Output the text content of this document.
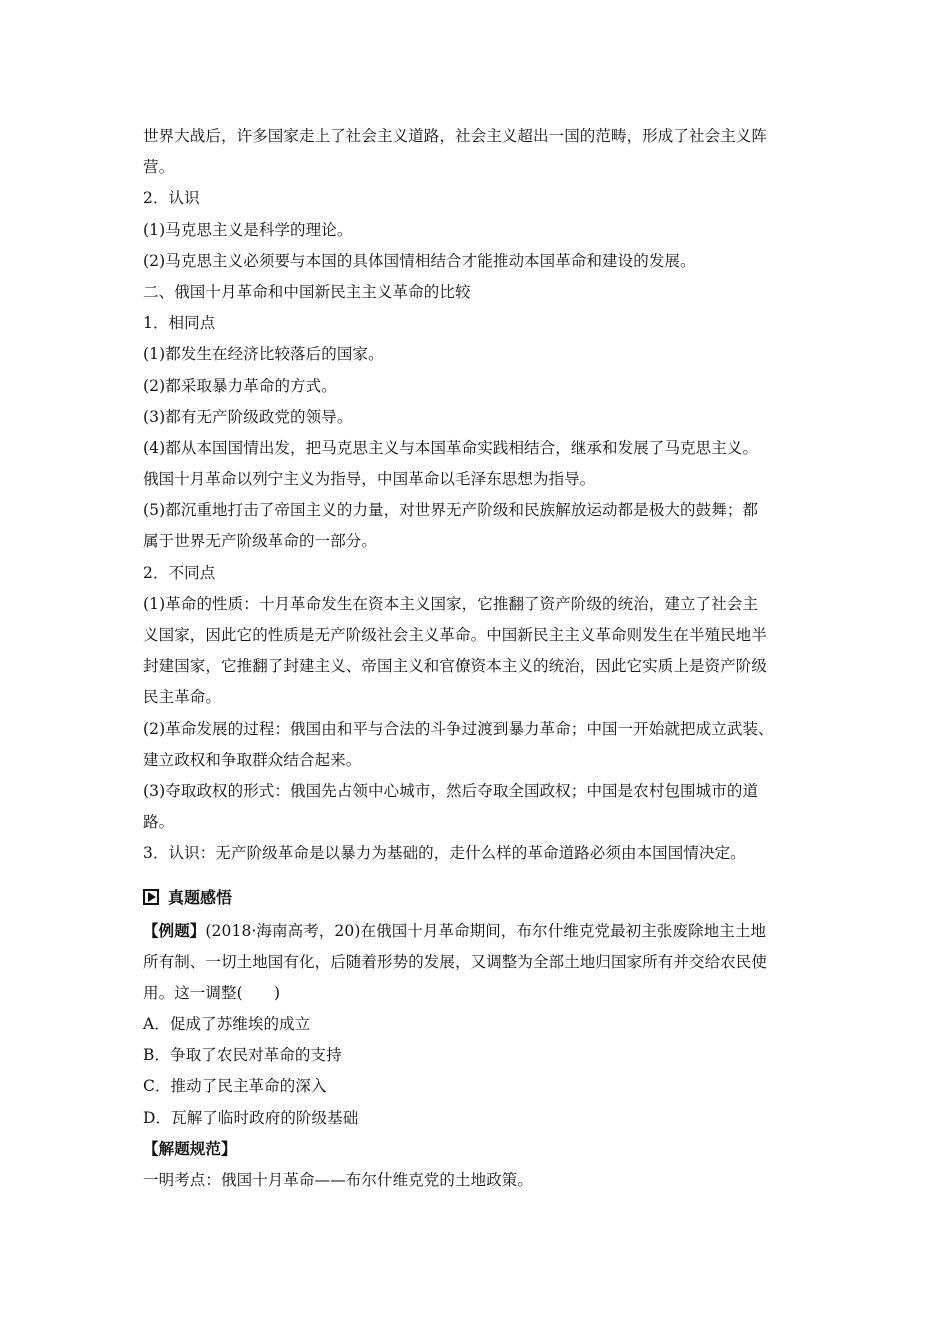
世界大战后，许多国家走上了社会主义道路，社会主义超出一国的范畴，形成了社会主义阵
营。
2．认识
(1)马克思主义是科学的理论。
(2)马克思主义必须要与本国的具体国情相结合才能推动本国革命和建设的发展。
二、俄国十月革命和中国新民主主义革命的比较
1．相同点
(1)都发生在经济比较落后的国家。
(2)都采取暴力革命的方式。
(3)都有无产阶级政党的领导。
(4)都从本国国情出发，把马克思主义与本国革命实践相结合，继承和发展了马克思主义。
俄国十月革命以列宁主义为指导，中国革命以毛泽东思想为指导。
(5)都沉重地打击了帝国主义的力量，对世界无产阶级和民族解放运动都是极大的鼓舞；都
属于世界无产阶级革命的一部分。
2．不同点
(1)革命的性质：十月革命发生在资本主义国家，它推翻了资产阶级的统治，建立了社会主
义国家，因此它的性质是无产阶级社会主义革命。中国新民主主义革命则发生在半殖民地半
封建国家，它推翻了封建主义、帝国主义和官僚资本主义的统治，因此它实质上是资产阶级
民主革命。
(2)革命发展的过程：俄国由和平与合法的斗争过渡到暴力革命；中国一开始就把成立武装、
建立政权和争取群众结合起来。
(3)夺取政权的形式：俄国先占领中心城市，然后夺取全国政权；中国是农村包围城市的道
路。
3．认识：无产阶级革命是以暴力为基础的，走什么样的革命道路必须由本国国情决定。
真题感悟
【例题】(2018·海南高考，20)在俄国十月革命期间，布尔什维克党最初主张废除地主土地
所有制、一切土地国有化，后随着形势的发展，又调整为全部土地归国家所有并交给农民使
用。这一调整(　　)
A．促成了苏维埃的成立
B．争取了农民对革命的支持
C．推动了民主革命的深入
D．瓦解了临时政府的阶级基础
【解题规范】
一明考点：俄国十月革命——布尔什维克党的土地政策。
